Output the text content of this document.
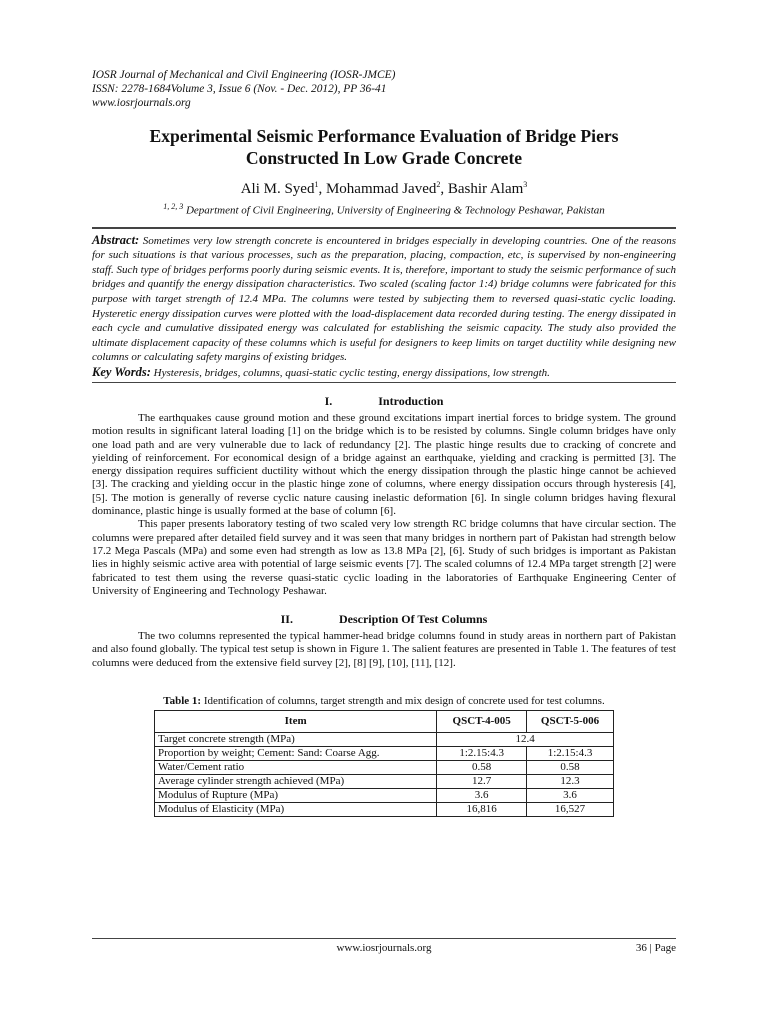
IOSR Journal of Mechanical and Civil Engineering (IOSR-JMCE)
ISSN: 2278-1684Volume 3, Issue 6 (Nov. - Dec. 2012), PP 36-41
www.iosrjournals.org
Experimental Seismic Performance Evaluation of Bridge Piers
Constructed In Low Grade Concrete
Ali M. Syed$^1$, Mohammad Javed$^2$, Bashir Alam$^3$
$^{1, 2, 3}$ Department of Civil Engineering, University of Engineering & Technology Peshawar, Pakistan
Abstract: Sometimes very low strength concrete is encountered in bridges especially in developing countries. One of the reasons for such situations is that various processes, such as the preparation, placing, compaction, etc, is supervised by non-engineering staff. Such type of bridges performs poorly during seismic events. It is, therefore, important to study the seismic performance of such bridges and quantify the energy dissipation characteristics. Two scaled (scaling factor 1:4) bridge columns were fabricated for this purpose with target strength of 12.4 MPa. The columns were tested by subjecting them to reversed quasi-static cyclic loading. Hysteretic energy dissipation curves were plotted with the load-displacement data recorded during testing. The energy dissipated in each cycle and cumulative dissipated energy was calculated for establishing the seismic capacity. The study also provided the ultimate displacement capacity of these columns which is useful for designers to keep limits on target ductility while designing new columns or calculating safety margins of existing bridges.
Key Words: Hysteresis, bridges, columns, quasi-static cyclic testing, energy dissipations, low strength.
I.	Introduction

The earthquakes cause ground motion and these ground excitations impart inertial forces to bridge system. The ground motion results in significant lateral loading [1] on the bridge which is to be resisted by columns. Single column bridges have only one load path and are very vulnerable due to lack of redundancy [2]. The plastic hinge results due to cracking of concrete and yielding of reinforcement. For economical design of a bridge against an earthquake, yielding and cracking is permitted [3]. The energy dissipation requires sufficient ductility without which the energy dissipation through the plastic hinge cannot be achieved [3]. The cracking and yielding occur in the plastic hinge zone of columns, where energy dissipation occurs through hysteresis [4], [5]. The motion is generally of reverse cyclic nature causing inelastic deformation [6]. In single column bridges having flexural dominance, plastic hinge is usually formed at the base of column [6].

This paper presents laboratory testing of two scaled very low strength RC bridge columns that have circular section. The columns were prepared after detailed field survey and it was seen that many bridges in northern part of Pakistan had strength below 17.2 Mega Pascals (MPa) and some even had strength as low as 13.8 MPa [2], [6]. Study of such bridges is important as Pakistan lies in highly seismic active area with potential of large seismic events [7]. The scaled columns of 12.4 MPa target strength [2] were fabricated to test them using the reverse quasi-static cyclic loading in the laboratories of Earthquake Engineering Center of University of Engineering and Technology Peshawar.

II.	Description Of Test Columns

The two columns represented the typical hammer-head bridge columns found in study areas in northern part of Pakistan and also found globally. The typical test setup is shown in Figure 1. The salient features are presented in Table 1. The features of test columns were deduced from the extensive field survey [2], [8] [9], [10], [11], [12].

Table 1: Identification of columns, target strength and mix design of concrete used for test columns.
Item	QSCT-4-005	QSCT-5-006
Target concrete strength (MPa)	12.4	
Proportion by weight; Cement: Sand: Coarse Agg.	1:2.15:4.3	1:2.15:4.3
Water/Cement ratio	0.58	0.58
Average cylinder strength achieved (MPa)	12.7	12.3
Modulus of Rupture (MPa)	3.6	3.6
Modulus of Elasticity (MPa)	16,816	16,527
www.iosrjournals.org	36 | Page
